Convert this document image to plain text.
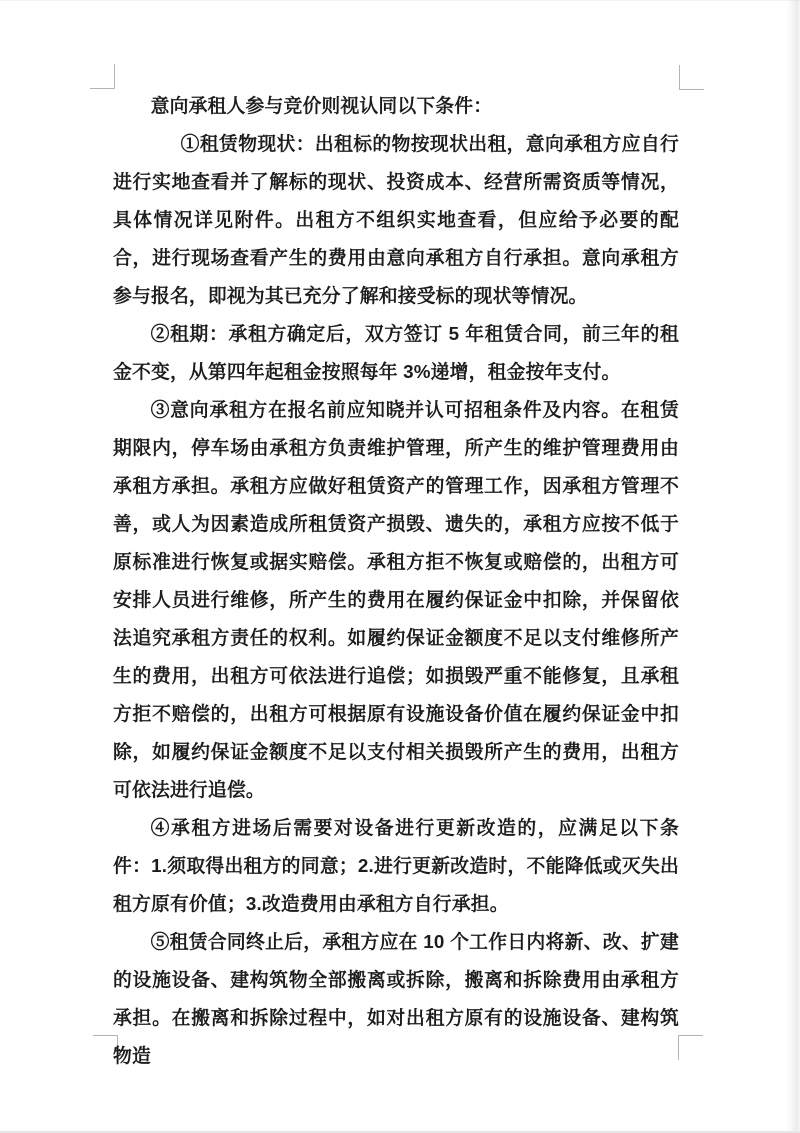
意向承租人参与竞价则视认同以下条件：

①租赁物现状：出租标的物按现状出租，意向承租方应自行进行实地查看并了解标的现状、投资成本、经营所需资质等情况，具体情况详见附件。出租方不组织实地查看，但应给予必要的配合，进行现场查看产生的费用由意向承租方自行承担。意向承租方参与报名，即视为其已充分了解和接受标的现状等情况。

②租期：承租方确定后，双方签订 5 年租赁合同，前三年的租金不变，从第四年起租金按照每年 3%递增，租金按年支付。

③意向承租方在报名前应知晓并认可招租条件及内容。在租赁期限内，停车场由承租方负责维护管理，所产生的维护管理费用由承租方承担。承租方应做好租赁资产的管理工作，因承租方管理不善，或人为因素造成所租赁资产损毁、遗失的，承租方应按不低于原标准进行恢复或据实赔偿。承租方拒不恢复或赔偿的，出租方可安排人员进行维修，所产生的费用在履约保证金中扣除，并保留依法追究承租方责任的权利。如履约保证金额度不足以支付维修所产生的费用，出租方可依法进行追偿；如损毁严重不能修复，且承租方拒不赔偿的，出租方可根据原有设施设备价值在履约保证金中扣除，如履约保证金额度不足以支付相关损毁所产生的费用，出租方可依法进行追偿。

④承租方进场后需要对设备进行更新改造的，应满足以下条件：1.须取得出租方的同意；2.进行更新改造时，不能降低或灭失出租方原有价值；3.改造费用由承租方自行承担。

⑤租赁合同终止后，承租方应在 10 个工作日内将新、改、扩建的设施设备、建构筑物全部搬离或拆除，搬离和拆除费用由承租方承担。在搬离和拆除过程中，如对出租方原有的设施设备、建构筑物造
